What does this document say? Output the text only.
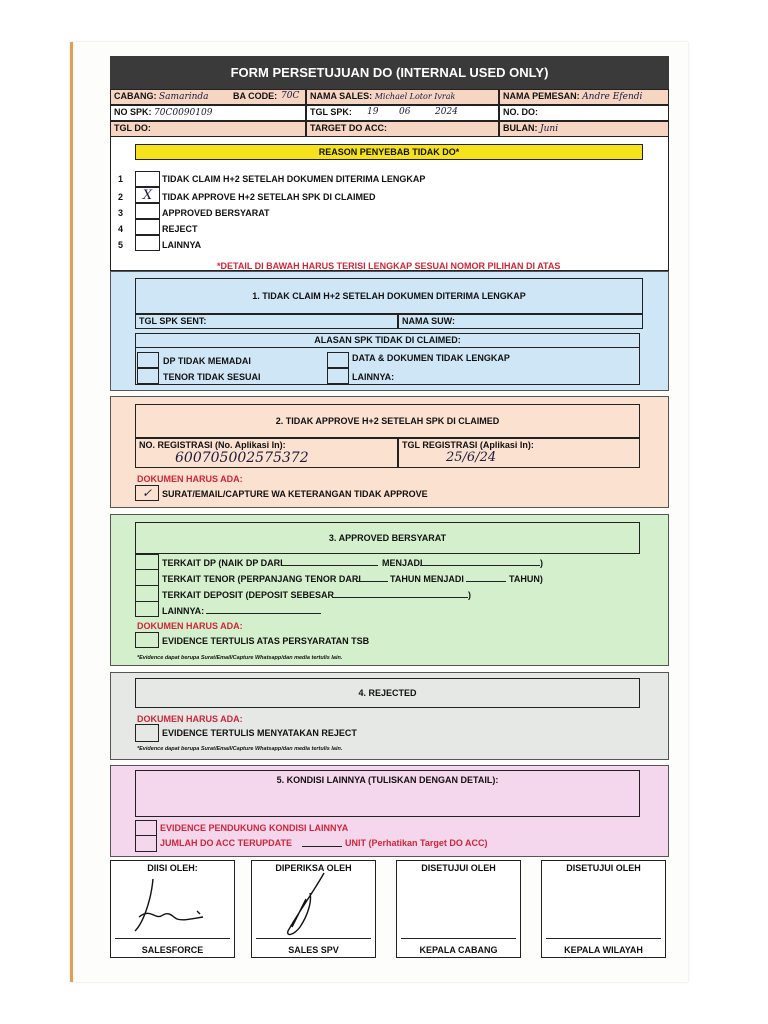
FORM PERSETUJUAN DO (INTERNAL USED ONLY)
CABANG: Samarinda	BA CODE: 70C	NAMA SALES: Michael Lotor Ivrak	NAMA PEMESAN: Andre Efendi
NO SPK: 70C0090109	TGL SPK: 19 06	2024	NO. DO:
TGL DO:	TARGET DO ACC:	BULAN: Juni
REASON PENYEBAB TIDAK DO*
1	TIDAK CLAIM H+2 SETELAH DOKUMEN DITERIMA LENGKAP
2	X	TIDAK APPROVE H+2 SETELAH SPK DI CLAIMED
3	APPROVED BERSYARAT
4	REJECT
5	LAINNYA
*DETAIL DI BAWAH HARUS TERISI LENGKAP SESUAI NOMOR PILIHAN DI ATAS
1. TIDAK CLAIM H+2 SETELAH DOKUMEN DITERIMA LENGKAP
TGL SPK SENT:	NAMA SUW:
ALASAN SPK TIDAK DI CLAIMED:
DP TIDAK MEMADAI
TENOR TIDAK SESUAI
DATA & DOKUMEN TIDAK LENGKAP
LAINNYA:
2. TIDAK APPROVE H+2 SETELAH SPK DI CLAIMED
NO. REGISTRASI (No. Aplikasi In):
600705002575372
TGL REGISTRASI (Aplikasi In):
25/6/24
DOKUMEN HARUS ADA:
✓	SURAT/EMAIL/CAPTURE WA KETERANGAN TIDAK APPROVE
3. APPROVED BERSYARAT
TERKAIT DP (NAIK DP DARI	MENJADI	)
TERKAIT TENOR (PERPANJANG TENOR DARI	TAHUN MENJADI	TAHUN)
TERKAIT DEPOSIT (DEPOSIT SEBESAR	)
LAINNYA:
DOKUMEN HARUS ADA:
EVIDENCE TERTULIS ATAS PERSYARATAN TSB
*Evidence dapat berupa Surat/Email/Capture Whatsapp/dan media tertulis lain.
4. REJECTED
DOKUMEN HARUS ADA:
EVIDENCE TERTULIS MENYATAKAN REJECT
*Evidence dapat berupa Surat/Email/Capture Whatsapp/dan media tertulis lain.
5. KONDISI LAINNYA (TULISKAN DENGAN DETAIL):
EVIDENCE PENDUKUNG KONDISI LAINNYA
JUMLAH DO ACC TERUPDATE	UNIT (Perhatikan Target DO ACC)
DIISI OLEH:
SALESFORCE
DIPERIKSA OLEH
SALES SPV
DISETUJUI OLEH
KEPALA CABANG
DISETUJUI OLEH
KEPALA WILAYAH
